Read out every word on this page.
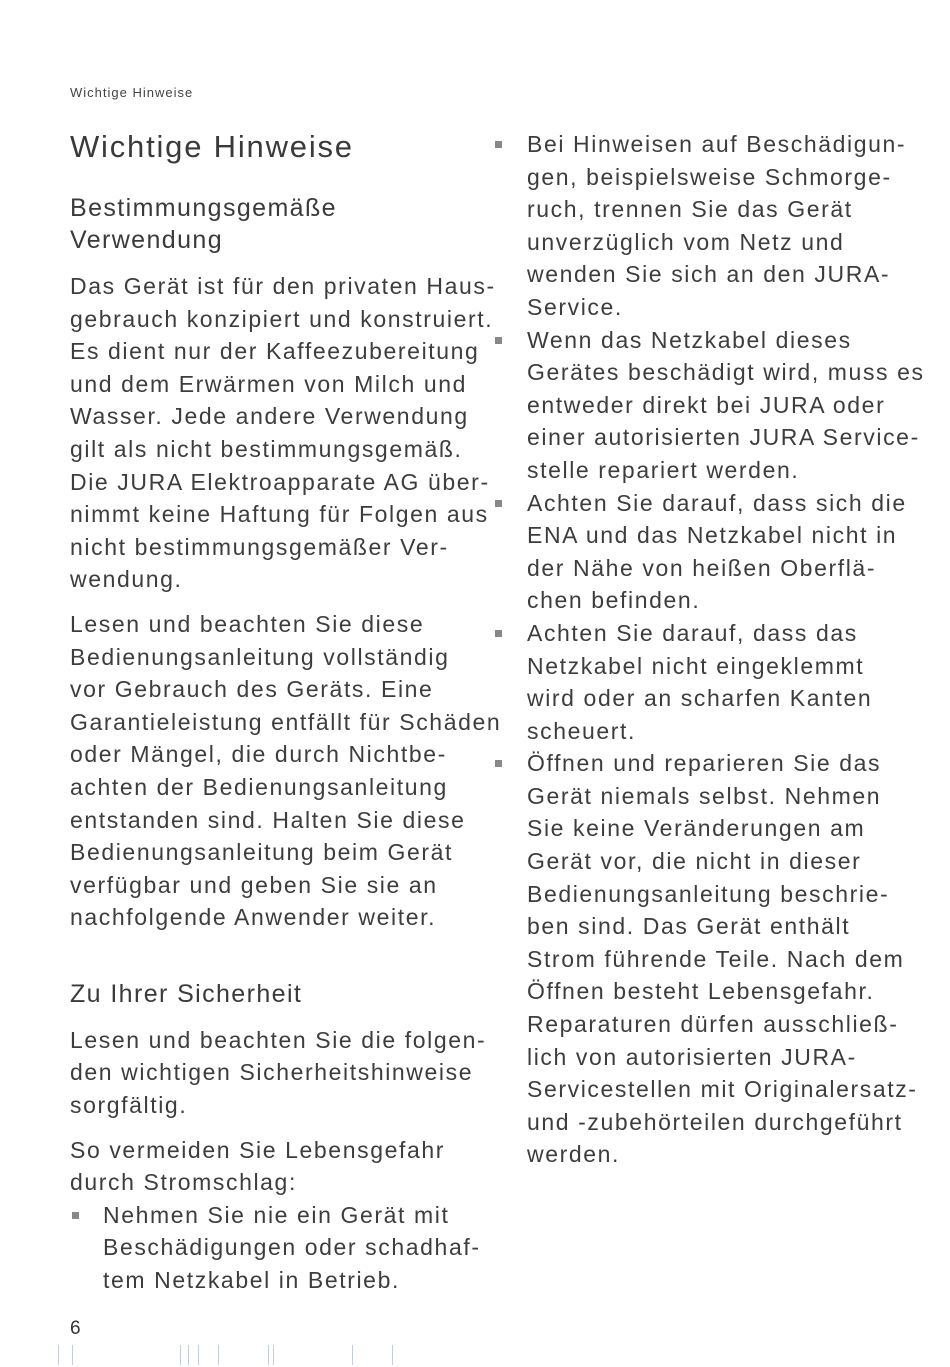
Wichtige Hinweise
Wichtige Hinweise
Bestimmungsgemäße Verwendung

Das Gerät ist für den privaten Haus-
gebrauch konzipiert und konstruiert.
Es dient nur der Kaffeezubereitung
und dem Erwärmen von Milch und
Wasser. Jede andere Verwendung
gilt als nicht bestimmungsgemäß.
Die JURA Elektroapparate AG über-
nimmt keine Haftung für Folgen aus
nicht bestimmungsgemäßer Ver-
wendung.

Lesen und beachten Sie diese
Bedienungsanleitung vollständig
vor Gebrauch des Geräts. Eine
Garantieleistung entfällt für Schäden
oder Mängel, die durch Nichtbe-
achten der Bedienungsanleitung
entstanden sind. Halten Sie diese
Bedienungsanleitung beim Gerät
verfügbar und geben Sie sie an
nachfolgende Anwender weiter.

Zu Ihrer Sicherheit

Lesen und beachten Sie die folgen-
den wichtigen Sicherheitshinweise
sorgfältig.

So vermeiden Sie Lebensgefahr
durch Stromschlag:

Nehmen Sie nie ein Gerät mit
Beschädigungen oder schadhaf-
tem Netzkabel in Betrieb.

Bei Hinweisen auf Beschädigun-
gen, beispielsweise Schmorge-
ruch, trennen Sie das Gerät
unverzüglich vom Netz und
wenden Sie sich an den JURA-
Service.

Wenn das Netzkabel dieses
Gerätes beschädigt wird, muss es
entweder direkt bei JURA oder
einer autorisierten JURA Service-
stelle repariert werden.

Achten Sie darauf, dass sich die
ENA und das Netzkabel nicht in
der Nähe von heißen Oberflä-
chen befinden.

Achten Sie darauf, dass das
Netzkabel nicht eingeklemmt
wird oder an scharfen Kanten
scheuert.

Öffnen und reparieren Sie das
Gerät niemals selbst. Nehmen
Sie keine Veränderungen am
Gerät vor, die nicht in dieser
Bedienungsanleitung beschrie-
ben sind. Das Gerät enthält
Strom führende Teile. Nach dem
Öffnen besteht Lebensgefahr.
Reparaturen dürfen ausschließ-
lich von autorisierten JURA-
Servicestellen mit Originalersatz-
und -zubehörteilen durchgeführt
werden.

6
